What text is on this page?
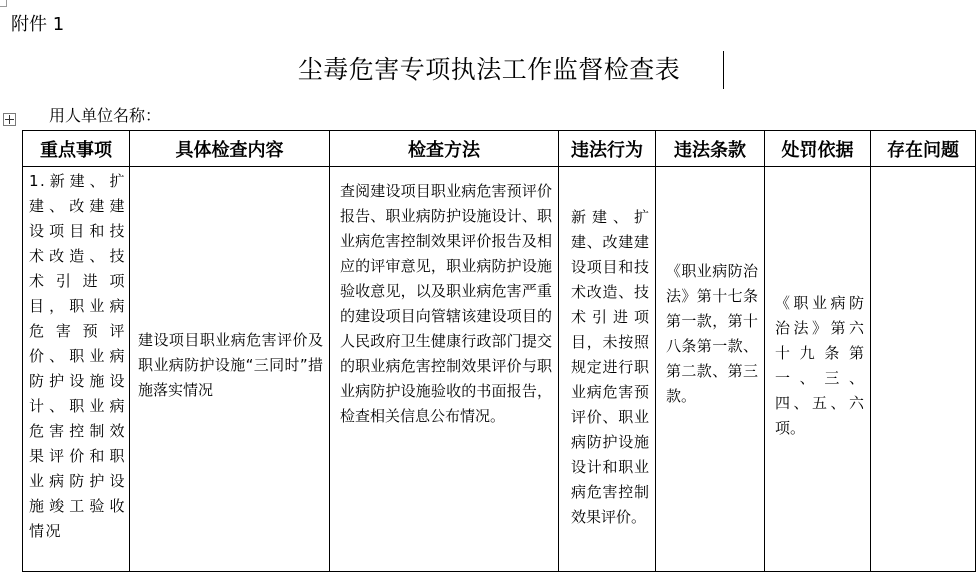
附件 1
尘毒危害专项执法工作监督检查表
用人单位名称：
重点事项	具体检查内容	检查方法	违法行为	违法条款	处罚依据	存在问题

1.新建、扩建、改建建设项目和技术改造、技术引进项目，职业病危害预评价、职业病防护设施设计、职业病危害控制效果评价和职业病防护设施竣工验收情况	建设项目职业病危害评价及职业病防护设施“三同时”措施落实情况	查阅建设项目职业病危害预评价报告、职业病防护设施设计、职业病危害控制效果评价报告及相应的评审意见，职业病防护设施验收意见，以及职业病危害严重的建设项目向管辖该建设项目的人民政府卫生健康行政部门提交的职业病危害控制效果评价与职业病防护设施验收的书面报告，检查相关信息公布情况。	新建、扩建、改建建设项目和技术改造、技术引进项目，未按照规定进行职业病危害预评价、职业病防护设施设计和职业病危害控制效果评价。	《职业病防治法》第十七条第一款，第十八条第一款、第二款、第三款。	《职业病防治法》第六十九条第一、三、四、五、六项。	
